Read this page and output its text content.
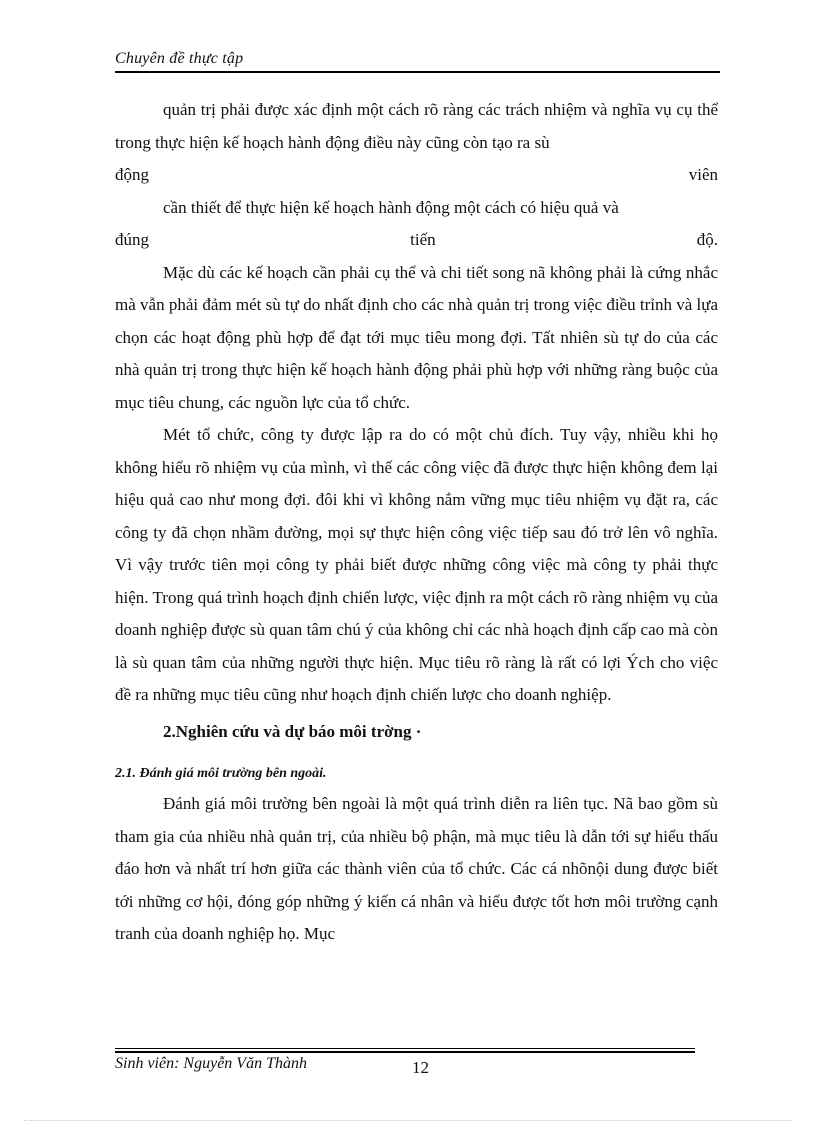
Chuyên đề thực tập

quản trị phải được xác định một cách rõ ràng các trách nhiệm và nghĩa vụ cụ thể trong thực hiện kế hoạch hành động điều này cũng còn tạo ra sù

động	viên

cần thiết để thực hiện kế hoạch hành động một cách có hiệu quả và

đúng	tiến	độ.

Mặc dù các kế hoạch cần phải cụ thể và chi tiết song nã không phải là cứng nhắc mà vẫn phải đảm mét sù tự do nhất định cho các nhà quản trị trong việc điều trỉnh và lựa chọn các hoạt động phù hợp để đạt tới mục tiêu mong đợi. Tất nhiên sù tự do của các nhà quản trị trong thực hiện kế hoạch hành động phải phù hợp với những ràng buộc của mục tiêu chung, các nguồn lực của tổ chức.

Mét tổ chức, công ty được lập ra do có một chủ đích. Tuy vậy, nhiều khi họ không hiểu rõ nhiệm vụ của mình, vì thế các công việc đã được thực hiện không đem lại hiệu quả cao như mong đợi. đôi khi vì không nắm vững mục tiêu nhiệm vụ đặt ra, các công ty đã chọn nhầm đường, mọi sự thực hiện công việc tiếp sau đó trở lên vô nghĩa. Vì vậy trước tiên mọi công ty phải biết được những công việc mà công ty phải thực hiện. Trong quá trình hoạch định chiến lược, việc định ra một cách rõ ràng nhiệm vụ của doanh nghiệp được sù quan tâm chú ý của không chỉ các nhà hoạch định cấp cao mà còn là sù quan tâm của những người thực hiện. Mục tiêu rõ ràng là rất có lợi Ých cho việc đề ra những mục tiêu cũng như hoạch định chiến lược cho doanh nghiệp.

2.Nghiên cứu và dự báo môi trờng ·

2.1. Đánh giá môi trường bên ngoài.

Đánh giá môi trường bên ngoài là một quá trình diễn ra liên tục. Nã bao gồm sù tham gia của nhiều nhà quản trị, của nhiều bộ phận, mà mục tiêu là dẫn tới sự hiểu thấu đáo hơn và nhất trí hơn giữa các thành viên của tổ chức. Các cá nhõnội dung được biết tới những cơ hội, đóng góp những ý kiến cá nhân và hiểu được tốt hơn môi trường cạnh tranh của doanh nghiệp họ. Mục

Sinh viên: Nguyễn Văn Thành	12
